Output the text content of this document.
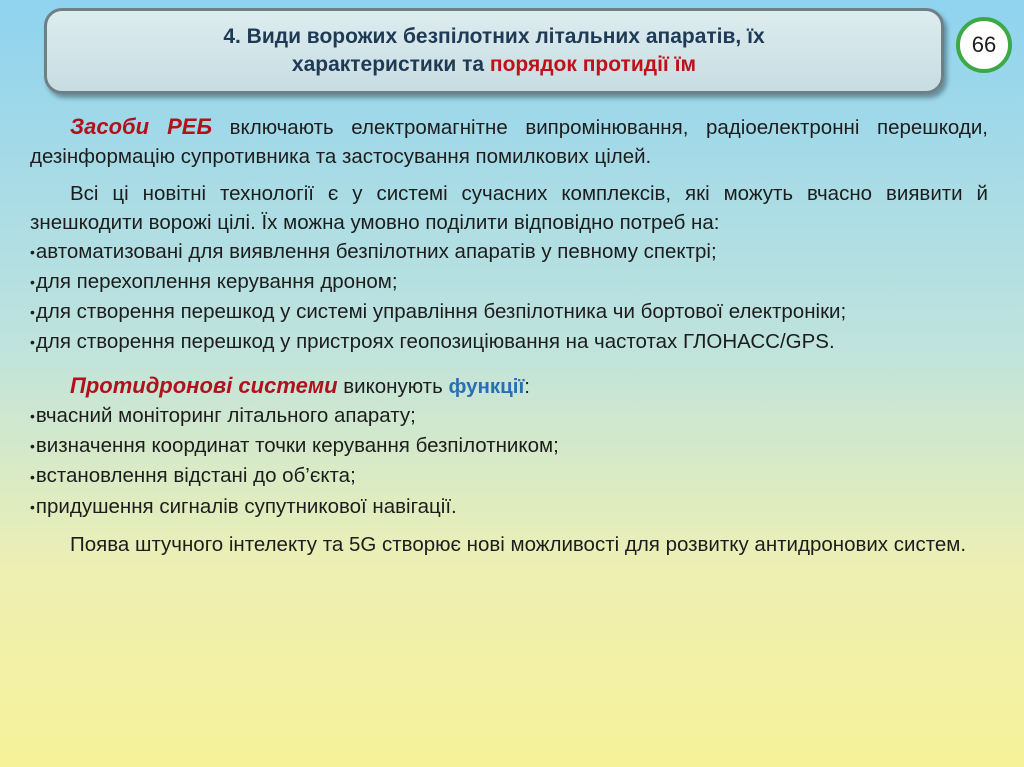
4. Види ворожих безпілотних літальних апаратів, їх
характеристики та порядок протидії їм
66

Засоби РЕБ включають електромагнітне випромінювання, радіоелектронні перешкоди, дезінформацію супротивника та застосування помилкових цілей.

Всі ці новітні технології є у системі сучасних комплексів, які можуть вчасно виявити й знешкодити ворожі цілі. Їх можна умовно поділити відповідно потреб на:

•автоматизовані для виявлення безпілотних апаратів у певному спектрі;

•для перехоплення керування дроном;

•для створення перешкод у системі управління безпілотника чи бортової електроніки;

•для створення перешкод у пристроях геопозиціювання на частотах ГЛОНАСС/GPS.

Протидронові системи виконують функції:

•вчасний моніторинг літального апарату;

•визначення координат точки керування безпілотником;

•встановлення відстані до об’єкта;

•придушення сигналів супутникової навігації.

Поява штучного інтелекту та 5G створює нові можливості для розвитку антидронових систем.
